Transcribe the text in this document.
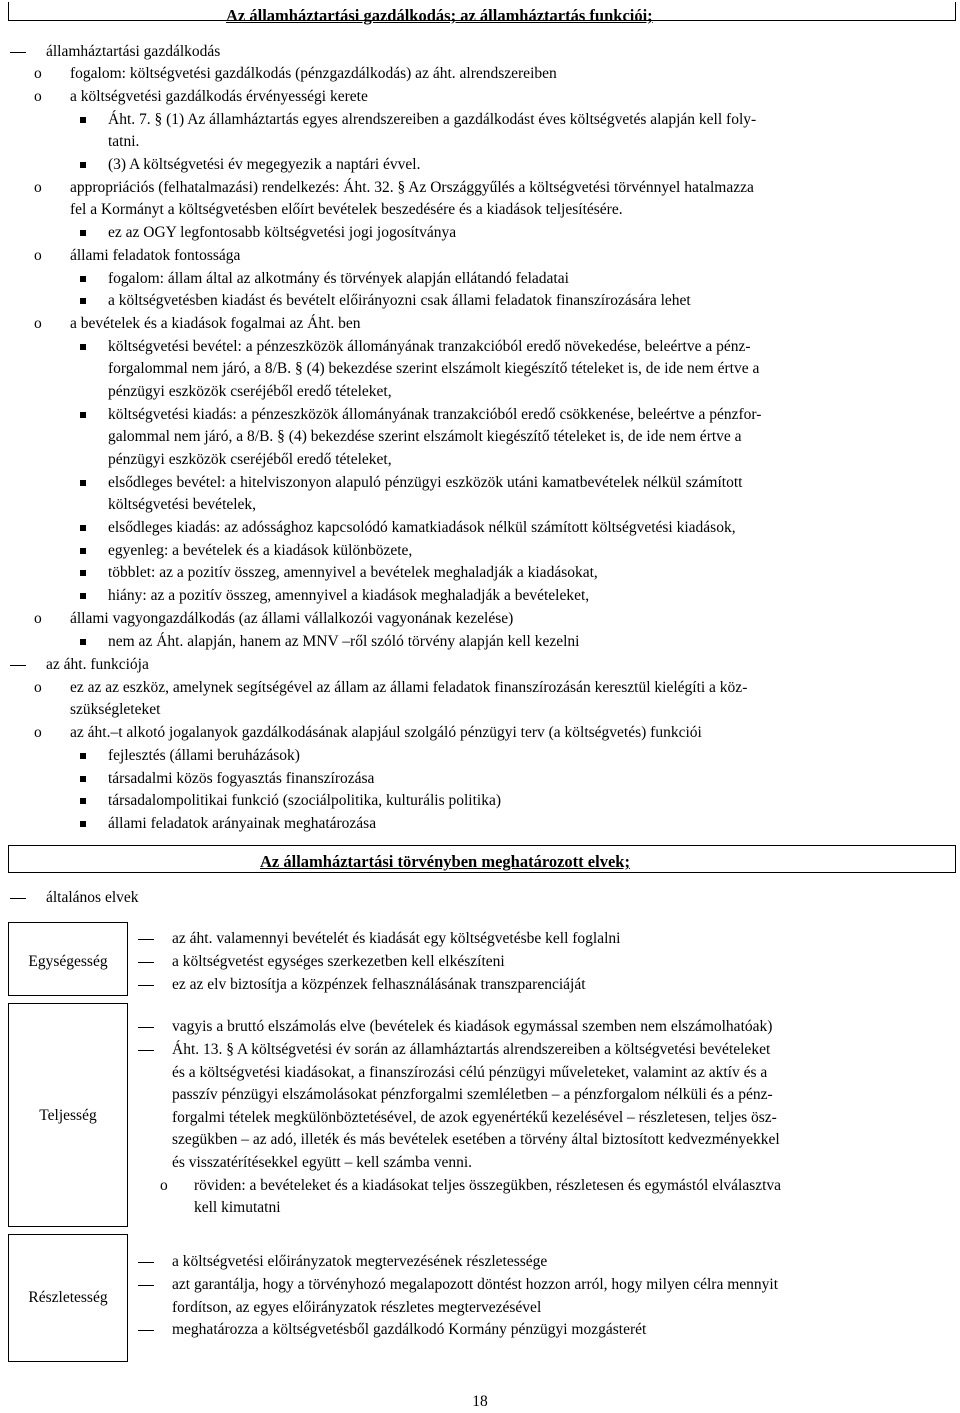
Az államháztartási gazdálkodás; az államháztartás funkciói;
államháztartási gazdálkodás
o fogalom: költségvetési gazdálkodás (pénzgazdálkodás) az áht. alrendszereiben
o a költségvetési gazdálkodás érvényességi kerete
Áht. 7. § (1) Az államháztartás egyes alrendszereiben a gazdálkodást éves költségvetés alapján kell foly-
tatni.
(3) A költségvetési év megegyezik a naptári évvel.
o appropriációs (felhatalmazási) rendelkezés: Áht. 32. § Az Országgyűlés a költségvetési törvénnyel hatalmazza
fel a Kormányt a költségvetésben előírt bevételek beszedésére és a kiadások teljesítésére.
ez az OGY legfontosabb költségvetési jogi jogosítványa
o állami feladatok fontossága
fogalom: állam által az alkotmány és törvények alapján ellátandó feladatai
a költségvetésben kiadást és bevételt előirányozni csak állami feladatok finanszírozására lehet
o a bevételek és a kiadások fogalmai az Áht. ben
költségvetési bevétel: a pénzeszközök állományának tranzakcióból eredő növekedése, beleértve a pénz-
forgalommal nem járó, a 8/B. § (4) bekezdése szerint elszámolt kiegészítő tételeket is, de ide nem értve a
pénzügyi eszközök cseréjéből eredő tételeket,
költségvetési kiadás: a pénzeszközök állományának tranzakcióból eredő csökkenése, beleértve a pénzfor-
galommal nem járó, a 8/B. § (4) bekezdése szerint elszámolt kiegészítő tételeket is, de ide nem értve a
pénzügyi eszközök cseréjéből eredő tételeket,
elsődleges bevétel: a hitelviszonyon alapuló pénzügyi eszközök utáni kamatbevételek nélkül számított
költségvetési bevételek,
elsődleges kiadás: az adóssághoz kapcsolódó kamatkiadások nélkül számított költségvetési kiadások,
egyenleg: a bevételek és a kiadások különbözete,
többlet: az a pozitív összeg, amennyivel a bevételek meghaladják a kiadásokat,
hiány: az a pozitív összeg, amennyivel a kiadások meghaladják a bevételeket,
o állami vagyongazdálkodás (az állami vállalkozói vagyonának kezelése)
nem az Áht. alapján, hanem az MNV –ről szóló törvény alapján kell kezelni
az áht. funkciója
o ez az az eszköz, amelynek segítségével az állam az állami feladatok finanszírozásán keresztül kielégíti a köz-
szükségleteket
o az áht.–t alkotó jogalanyok gazdálkodásának alapjául szolgáló pénzügyi terv (a költségvetés) funkciói
fejlesztés (állami beruházások)
társadalmi közös fogyasztás finanszírozása
társadalompolitikai funkció (szociálpolitika, kulturális politika)
állami feladatok arányainak meghatározása
Az államháztartási törvényben meghatározott elvek;
általános elvek
Egységesség
az áht. valamennyi bevételét és kiadását egy költségvetésbe kell foglalni
a költségvetést egységes szerkezetben kell elkészíteni
ez az elv biztosítja a közpénzek felhasználásának transzparenciáját
Teljesség
vagyis a bruttó elszámolás elve (bevételek és kiadások egymással szemben nem elszámolhatóak)
Áht. 13. § A költségvetési év során az államháztartás alrendszereiben a költségvetési bevételeket
és a költségvetési kiadásokat, a finanszírozási célú pénzügyi műveleteket, valamint az aktív és a
passzív pénzügyi elszámolásokat pénzforgalmi szemléletben – a pénzforgalom nélküli és a pénz-
forgalmi tételek megkülönböztetésével, de azok egyenértékű kezelésével – részletesen, teljes ösz-
szegükben – az adó, illeték és más bevételek esetében a törvény által biztosított kedvezményekkel
és visszatérítésekkel együtt – kell számba venni.
o röviden: a bevételeket és a kiadásokat teljes összegükben, részletesen és egymástól elválasztva
kell kimutatni
Részletesség
a költségvetési előirányzatok megtervezésének részletessége
azt garantálja, hogy a törvényhozó megalapozott döntést hozzon arról, hogy milyen célra mennyit
fordítson, az egyes előirányzatok részletes megtervezésével
meghatározza a költségvetésből gazdálkodó Kormány pénzügyi mozgásterét
18
